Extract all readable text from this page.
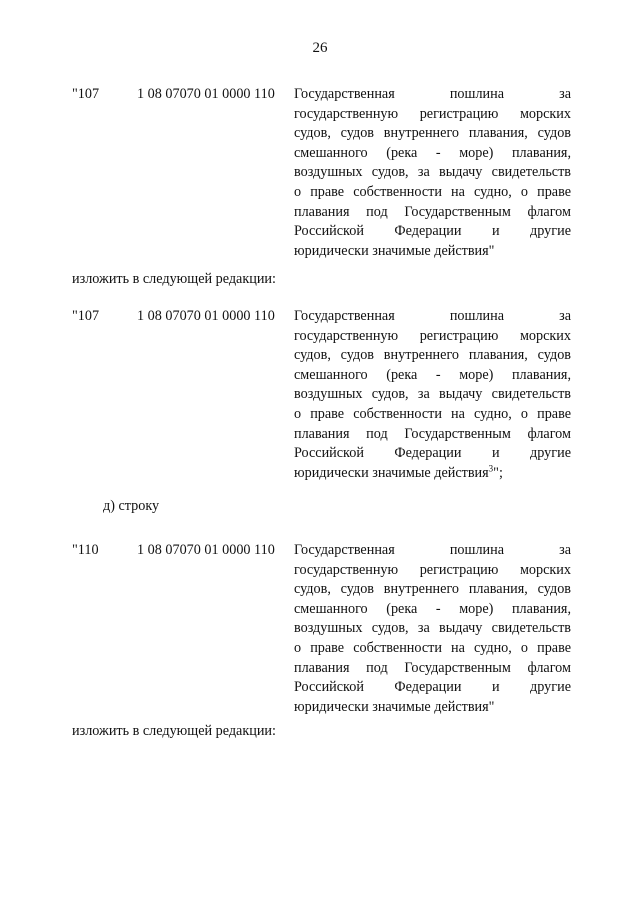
26
"107	1 08 07070 01 0000 110 Государственная пошлина за
государственную регистрацию морских
судов, судов внутреннего плавания, судов
смешанного (река - море) плавания,
воздушных судов, за выдачу свидетельств
о праве собственности на судно, о праве
плавания под Государственным флагом
Российской Федерации и другие
юридически значимые действия"
изложить в следующей редакции:
"107	1 08 07070 01 0000 110 Государственная пошлина за
государственную регистрацию морских
судов, судов внутреннего плавания, судов
смешанного (река - море) плавания,
воздушных судов, за выдачу свидетельств
о праве собственности на судно, о праве
плавания под Государственным флагом
Российской Федерации и другие
юридически значимые действия$^3$";
д) строку
"110	1 08 07070 01 0000 110 Государственная пошлина за
государственную регистрацию морских
судов, судов внутреннего плавания, судов
смешанного (река - море) плавания,
воздушных судов, за выдачу свидетельств
о праве собственности на судно, о праве
плавания под Государственным флагом
Российской Федерации и другие
юридически значимые действия"
изложить в следующей редакции:
